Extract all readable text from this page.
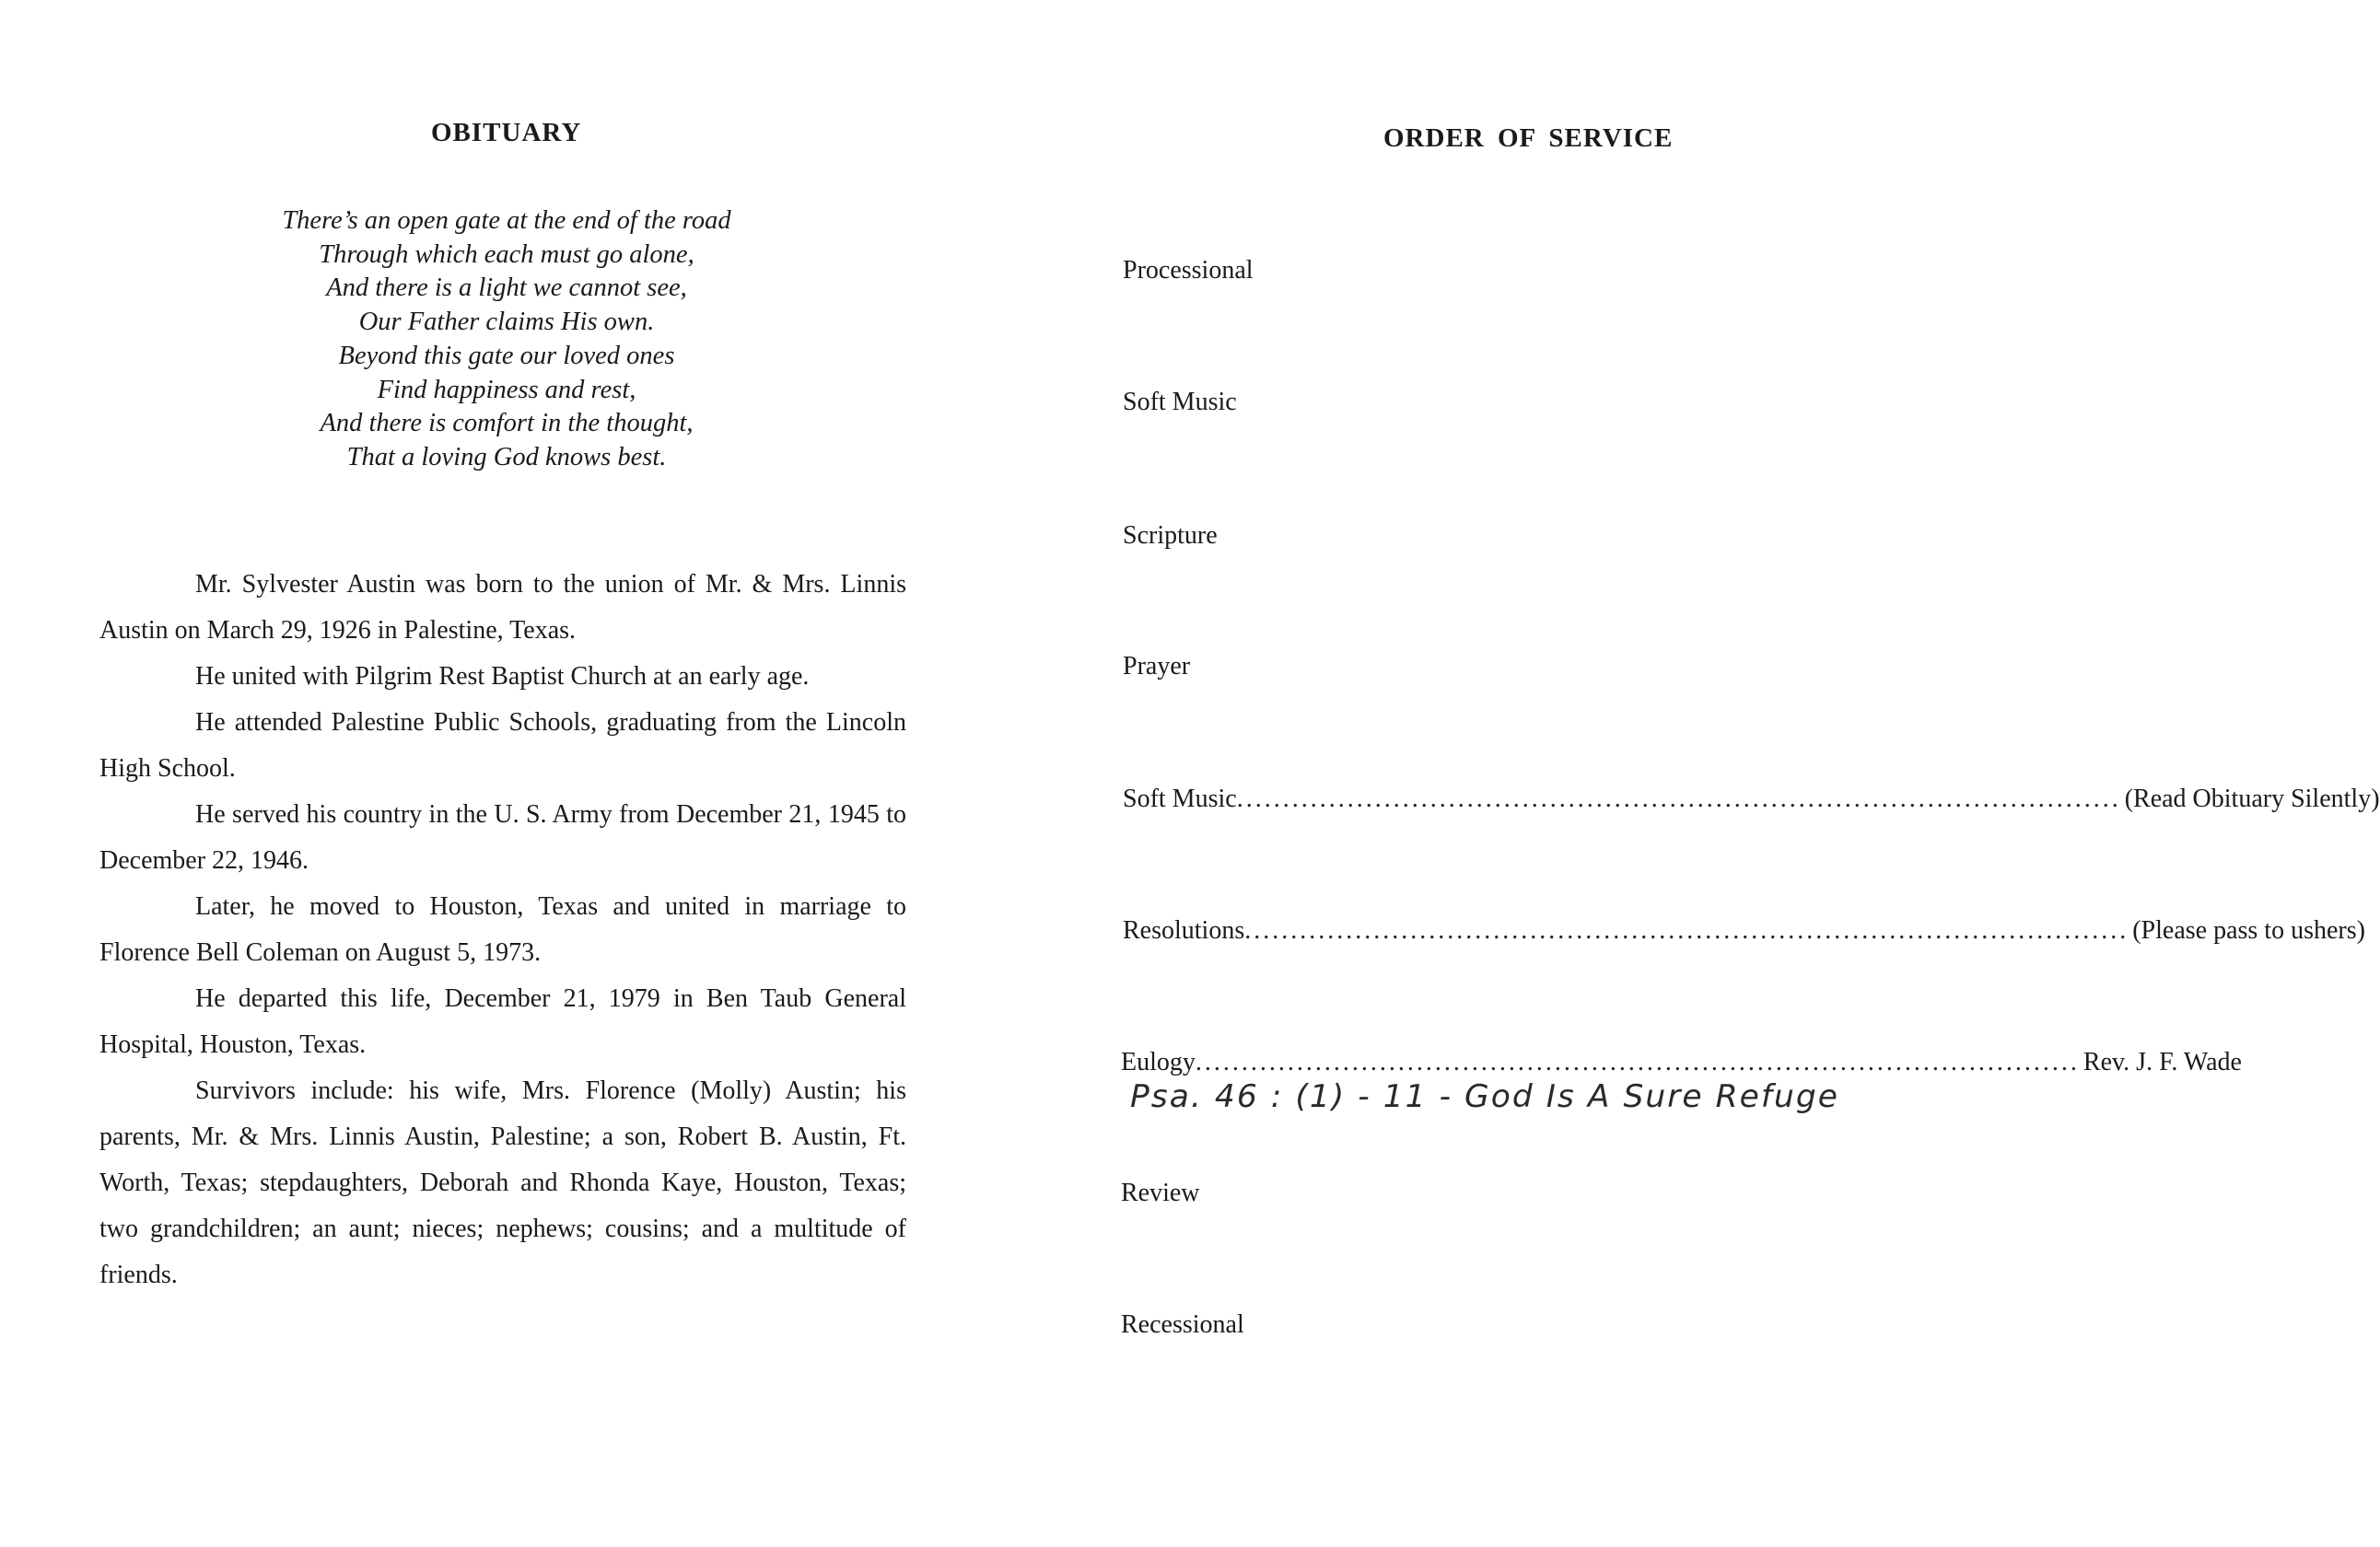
OBITUARY
There’s an open gate at the end of the road
Through which each must go alone,
And there is a light we cannot see,
Our Father claims His own.
Beyond this gate our loved ones
Find happiness and rest,
And there is comfort in the thought,
That a loving God knows best.

Mr. Sylvester Austin was born to the union of Mr. & Mrs. Linnis Austin on March 29, 1926 in Palestine, Texas.

He united with Pilgrim Rest Baptist Church at an early age.

He attended Palestine Public Schools, graduating from the Lincoln High School.

He served his country in the U. S. Army from December 21, 1945 to December 22, 1946.

Later, he moved to Houston, Texas and united in marriage to Florence Bell Coleman on August 5, 1973.

He departed this life, December 21, 1979 in Ben Taub General Hospital, Houston, Texas.

Survivors include: his wife, Mrs. Florence (Molly) Austin; his parents, Mr. & Mrs. Linnis Austin, Palestine; a son, Robert B. Austin, Ft. Worth, Texas; stepdaughters, Deborah and Rhonda Kaye, Houston, Texas; two grandchildren; an aunt; nieces; nephews; cousins; and a multitude of friends.

ORDER OF SERVICE
Processional
Soft Music
Scripture
Prayer
Soft Music ................................................................................................ (Read Obituary Silently)
Resolutions ................................................................................................ (Please pass to ushers)
Eulogy ................................................................................................ Rev. J. F. Wade
Psa. 46 : (1) - 11 - God Is A Sure Refuge
Review
Recessional
